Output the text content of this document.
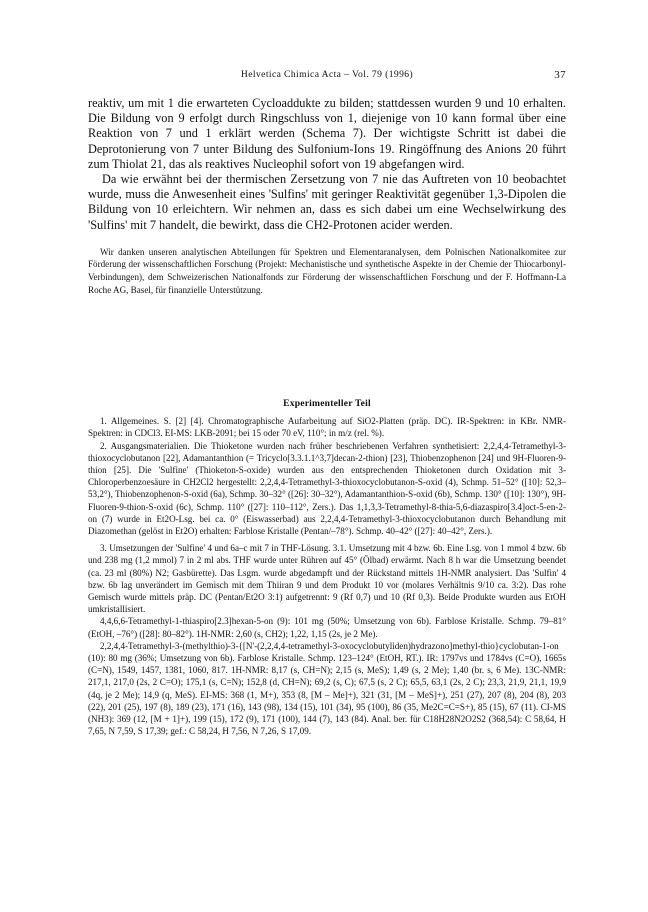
Helvetica Chimica Acta – Vol. 79 (1996)	37

reaktiv, um mit 1 die erwarteten Cycloaddukte zu bilden; stattdessen wurden 9 und 10 erhalten. Die Bildung von 9 erfolgt durch Ringschluss von 1, diejenige von 10 kann formal über eine Reaktion von 7 und 1 erklärt werden (Schema 7). Der wichtigste Schritt ist dabei die Deprotonierung von 7 unter Bildung des Sulfonium-Ions 19. Ringöffnung des Anions 20 führt zum Thiolat 21, das als reaktives Nucleophil sofort von 19 abgefangen wird.

Da wie erwähnt bei der thermischen Zersetzung von 7 nie das Auftreten von 10 beobachtet wurde, muss die Anwesenheit eines 'Sulfins' mit geringer Reaktivität gegenüber 1,3-Dipolen die Bildung von 10 erleichtern. Wir nehmen an, dass es sich dabei um eine Wechselwirkung des 'Sulfins' mit 7 handelt, die bewirkt, dass die CH2-Protonen acider werden.

Wir danken unseren analytischen Abteilungen für Spektren und Elementaranalysen, dem Polnischen Nationalkomitee zur Förderung der wissenschaftlichen Forschung (Projekt: Mechanistische und synthetische Aspekte in der Chemie der Thiocarbonyl-Verbindungen), dem Schweizerischen Nationalfonds zur Förderung der wissenschaftlichen Forschung und der F. Hoffmann-La Roche AG, Basel, für finanzielle Unterstützung.
Experimenteller Teil

1. Allgemeines. S. [2] [4]. Chromatographische Aufarbeitung auf SiO2-Platten (präp. DC). IR-Spektren: in KBr. NMR-Spektren: in CDCl3. EI-MS: LKB-2091; bei 15 oder 70 eV, 110°; in m/z (rel. %).

2. Ausgangsmaterialien. Die Thioketone wurden nach früher beschriebenen Verfahren synthetisiert: 2,2,4,4-Tetramethyl-3-thioxocyclobutanon [22], Adamantanthion (= Tricyclo[3.3.1.1^3,7]decan-2-thion) [23], Thiobenzophenon [24] und 9H-Fluoren-9-thion [25]. Die 'Sulfine' (Thioketon-S-oxide) wurden aus den entsprechenden Thioketonen durch Oxidation mit 3-Chloroperbenzoesäure in CH2Cl2 hergestellt: 2,2,4,4-Tetramethyl-3-thioxocyclobutanon-S-oxid (4), Schmp. 51–52° ([10]: 52,3–53,2°), Thiobenzophenon-S-oxid (6a), Schmp. 30–32° ([26]: 30–32°), Adamantanthion-S-oxid (6b), Schmp. 130° ([10]: 130°), 9H-Fluoren-9-thion-S-oxid (6c), Schmp. 110° ([27]: 110–112°, Zers.). Das 1,1,3,3-Tetramethyl-8-thia-5,6-diazaspiro[3.4]oct-5-en-2-on (7) wurde in Et2O-Lsg. bei ca. 0° (Eiswasserbad) aus 2,2,4,4-Tetramethyl-3-thioxocyclobutanon durch Behandlung mit Diazomethan (gelöst in Et2O) erhalten: Farblose Kristalle (Pentan/–78°). Schmp. 40–42° ([27]: 40–42°, Zers.).

3. Umsetzungen der 'Sulfine' 4 und 6a–c mit 7 in THF-Lösung. 3.1. Umsetzung mit 4 bzw. 6b. Eine Lsg. von 1 mmol 4 bzw. 6b und 238 mg (1,2 mmol) 7 in 2 ml abs. THF wurde unter Rühren auf 45° (Ölbad) erwärmt. Nach 8 h war die Umsetzung beendet (ca. 23 ml (80%) N2; Gasbürette). Das Lsgm. wurde abgedampft und der Rückstand mittels 1H-NMR analysiert. Das 'Sulfin' 4 bzw. 6b lag unverändert im Gemisch mit dem Thiiran 9 und dem Produkt 10 vor (molares Verhältnis 9/10 ca. 3:2). Das rohe Gemisch wurde mittels präp. DC (Pentan/Et2O 3:1) aufgetrennt: 9 (Rf 0,7) und 10 (Rf 0,3). Beide Produkte wurden aus EtOH umkristallisiert.

4,4,6,6-Tetramethyl-1-thiaspiro[2.3]hexan-5-on (9): 101 mg (50%; Umsetzung von 6b). Farblose Kristalle. Schmp. 79–81° (EtOH, –76°) ([28]: 80–82°). 1H-NMR: 2,60 (s, CH2); 1,22, 1,15 (2s, je 2 Me).

2,2,4,4-Tetramethyl-3-(methylthio)-3-{[N'-(2,2,4,4-tetramethyl-3-oxocyclobutyliden)hydrazono]methyl-thio}cyclobutan-1-on (10): 80 mg (36%; Umsetzung von 6b). Farblose Kristalle. Schmp. 123–124° (EtOH, RT.). IR: 1797vs und 1784vs (C=O), 1665s (C=N), 1549, 1457, 1381, 1060, 817. 1H-NMR: 8,17 (s, CH=N); 2,15 (s, MeS); 1,49 (s, 2 Me); 1,40 (br. s, 6 Me). 13C-NMR: 217,1, 217,0 (2s, 2 C=O); 175,1 (s, C=N); 152,8 (d, CH=N); 69,2 (s, C); 67,5 (s, 2 C); 65,5, 63,1 (2s, 2 C); 23,3, 21,9, 21,1, 19,9 (4q, je 2 Me); 14,9 (q, MeS). EI-MS: 368 (1, M+), 353 (8, [M – Me]+), 321 (31, [M – MeS]+), 251 (27), 207 (8), 204 (8), 203 (22), 201 (25), 197 (8), 189 (23), 171 (16), 143 (98), 134 (15), 101 (34), 95 (100), 86 (35, Me2C=C=S+), 85 (15), 67 (11). CI-MS (NH3): 369 (12, [M + 1]+), 199 (15), 172 (9), 171 (100), 144 (7), 143 (84). Anal. ber. für C18H28N2O2S2 (368,54): C 58,64, H 7,65, N 7,59, S 17,39; gef.: C 58,24, H 7,56, N 7,26, S 17,09.
